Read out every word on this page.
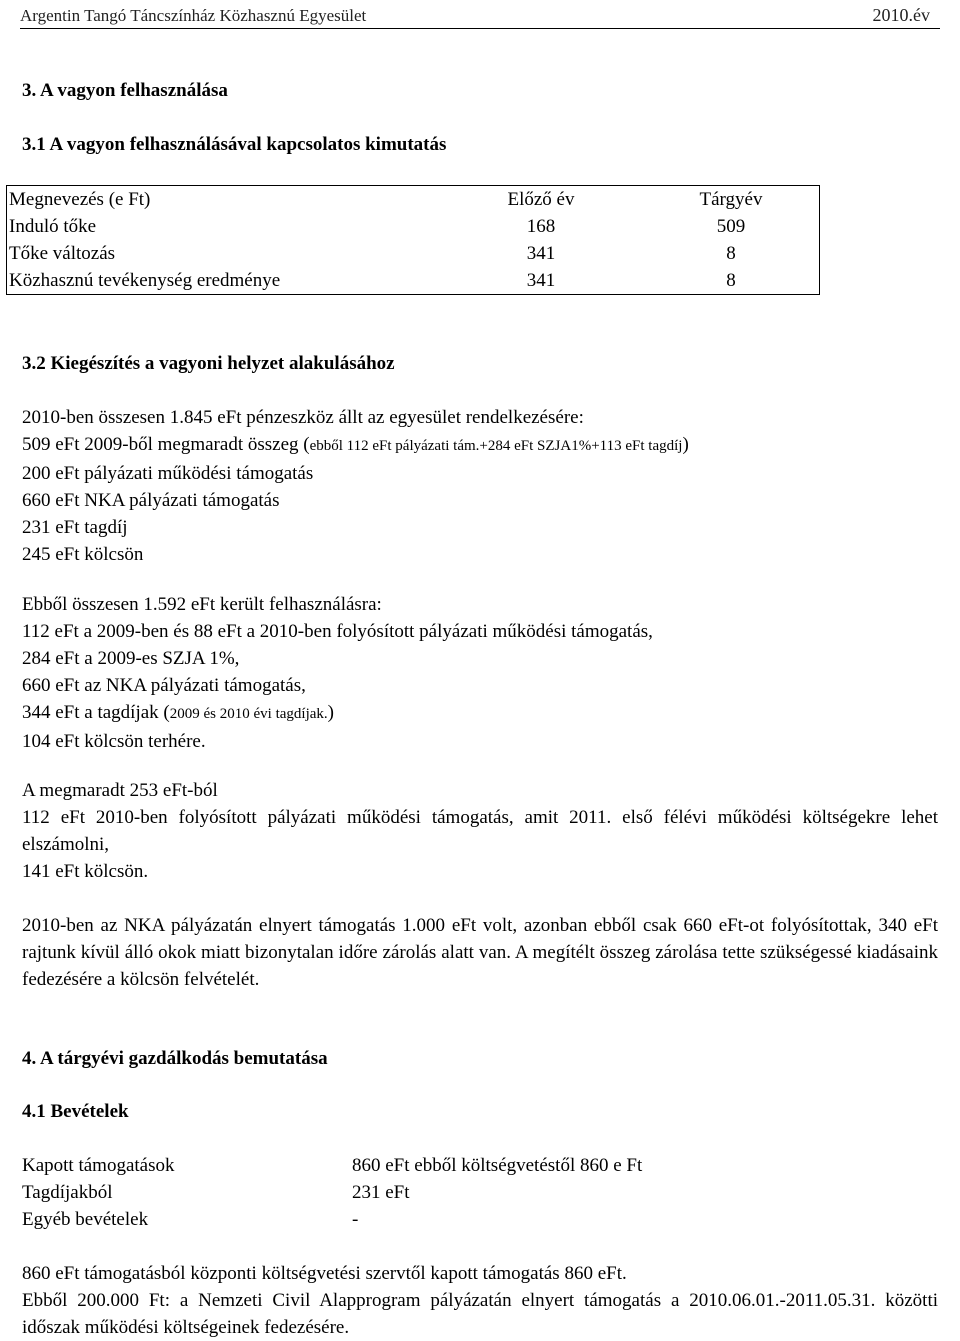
Argentin Tangó Táncszínház Közhasznú Egyesület	2010.év
3. A vagyon felhasználása
3.1 A vagyon felhasználásával kapcsolatos kimutatás
Megnevezés (e Ft)	Előző év	Tárgyév
Induló tőke	168	509
Tőke változás	341	8
Közhasznú tevékenység eredménye	341	8
3.2 Kiegészítés a vagyoni helyzet alakulásához

2010-ben összesen 1.845 eFt pénzeszköz állt az egyesület rendelkezésére:

509 eFt 2009-ből megmaradt összeg (ebből 112 eFt pályázati tám.+284 eFt SZJA1%+113 eFt tagdíj)

200 eFt pályázati működési támogatás

660 eFt NKA pályázati támogatás

231 eFt tagdíj

245 eFt kölcsön

Ebből összesen 1.592 eFt került felhasználásra:

112 eFt a 2009-ben és 88 eFt a 2010-ben folyósított pályázati működési támogatás,

284 eFt a 2009-es SZJA 1%,

660 eFt az NKA pályázati támogatás,

344 eFt a tagdíjak (2009 és 2010 évi tagdíjak.)

104 eFt kölcsön terhére.

A megmaradt 253 eFt-ból

112 eFt 2010-ben folyósított pályázati működési támogatás, amit 2011. első félévi működési költségekre lehet elszámolni,

141 eFt kölcsön.

2010-ben az NKA pályázatán elnyert támogatás 1.000 eFt volt, azonban ebből csak 660 eFt-ot folyósítottak, 340 eFt rajtunk kívül álló okok miatt bizonytalan időre zárolás alatt van. A megítélt összeg zárolása tette szükségessé kiadásaink fedezésére a kölcsön felvételét.

4. A tárgyévi gazdálkodás bemutatása
4.1 Bevételek
Kapott támogatások	860 eFt ebből költségvetéstől 860 e Ft
Tagdíjakból	231 eFt
Egyéb bevételek	-

860 eFt támogatásból központi költségvetési szervtől kapott támogatás 860 eFt.

Ebből 200.000 Ft: a Nemzeti Civil Alapprogram pályázatán elnyert támogatás a 2010.06.01.-2011.05.31. közötti időszak működési költségeinek fedezésére.
